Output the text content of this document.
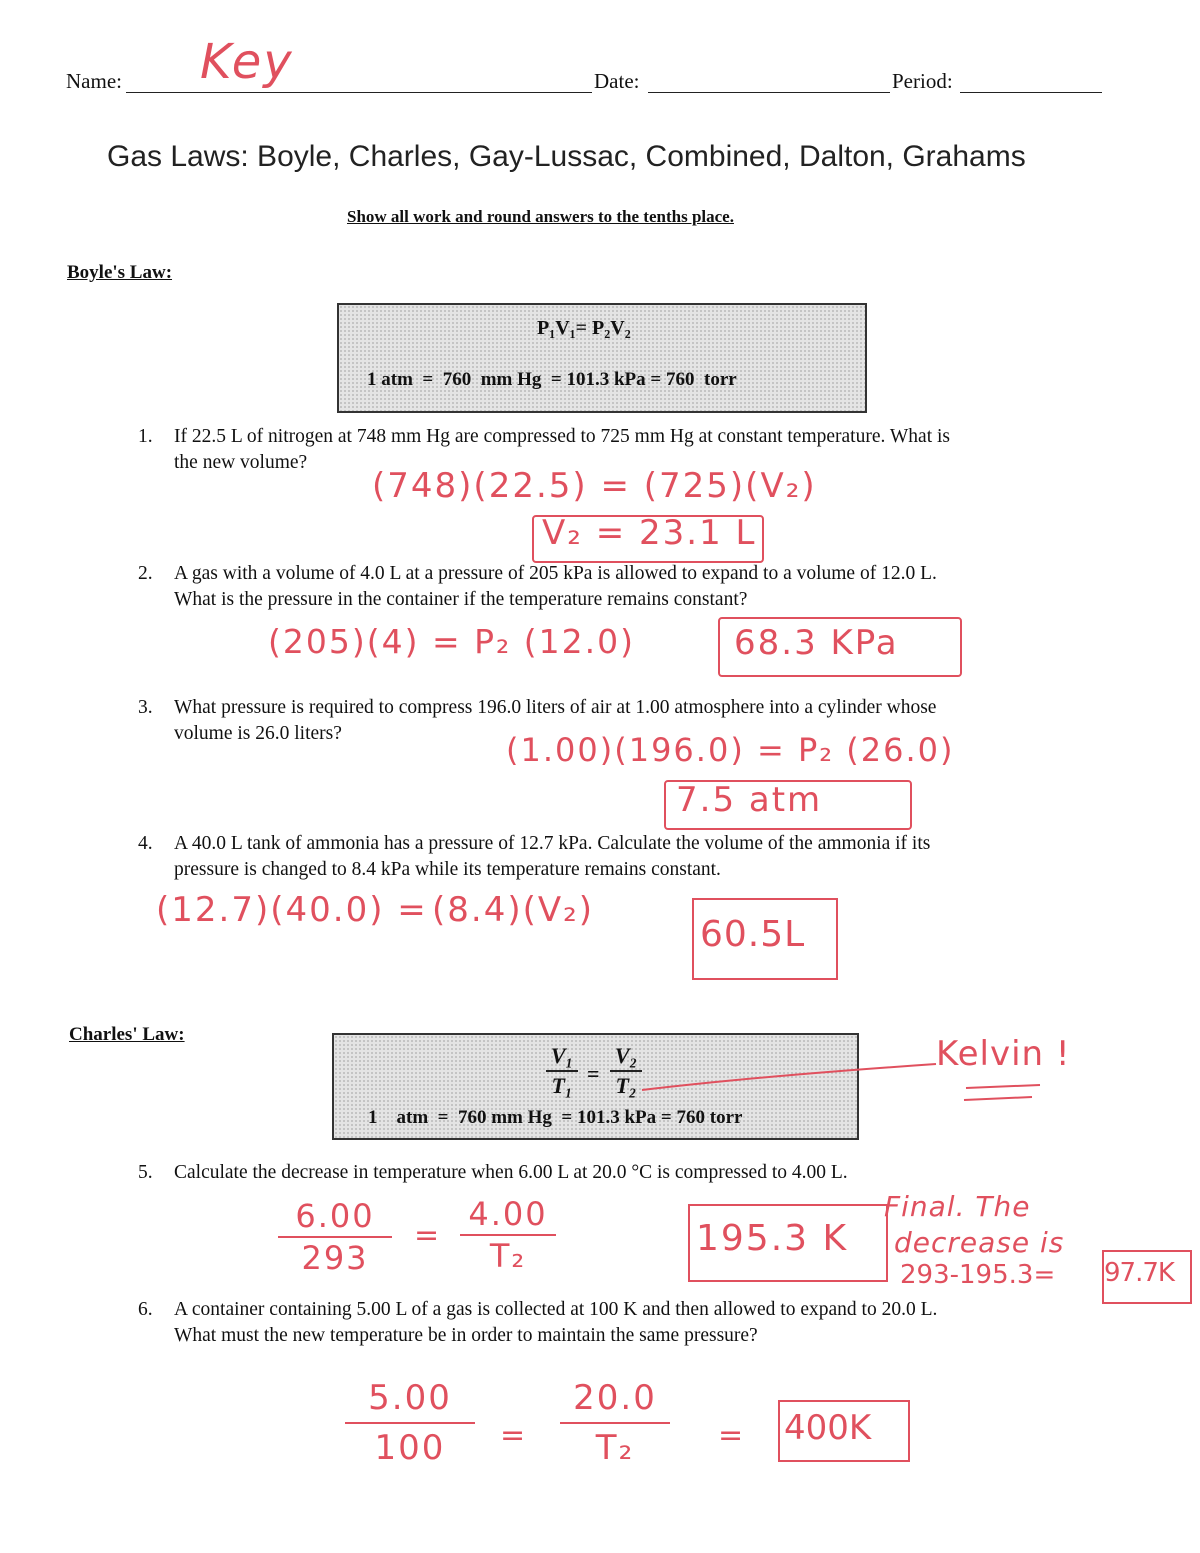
Name: Key	Date:	Period:
Gas Laws: Boyle, Charles, Gay-Lussac, Combined, Dalton, Grahams
Show all work and round answers to the tenths place.
Boyle's Law:
P₁V₁= P₂V₂
1 atm  =  760  mm Hg  = 101.3 kPa = 760  torr
1. If 22.5 L of nitrogen at 748 mm Hg are compressed to 725 mm Hg at constant temperature. What is
the new volume?
(748)(22.5) = (725)(V₂)
V₂ = 23.1 L
2. A gas with a volume of 4.0 L at a pressure of 205 kPa is allowed to expand to a volume of 12.0 L.
What is the pressure in the container if the temperature remains constant?
(205)(4) = P₂ (12.0)	68.3 KPa
3. What pressure is required to compress 196.0 liters of air at 1.00 atmosphere into a cylinder whose
volume is 26.0 liters?	(1.00)(196.0) = P₂ (26.0)
7.5 atm
4. A 40.0 L tank of ammonia has a pressure of 12.7 kPa. Calculate the volume of the ammonia if its
pressure is changed to 8.4 kPa while its temperature remains constant.
(12.7)(40.0) = (8.4)(V₂)
60.5L
Charles' Law:
V₁
T₁ =
V₂
T₂
1    atm  =  760 mm Hg  = 101.3 kPa = 760 torr
Kelvin !
5. Calculate the decrease in temperature when 6.00 L at 20.0 °C is compressed to 4.00 L.
6.00
293
=
4.00
T₂	195.3 K
Final. The
decrease is
293-195.3= 97.7K
6. A container containing 5.00 L of a gas is collected at 100 K and then allowed to expand to 20.0 L.
What must the new temperature be in order to maintain the same pressure?
5.00
100	=
20.0
T₂	= 400K
